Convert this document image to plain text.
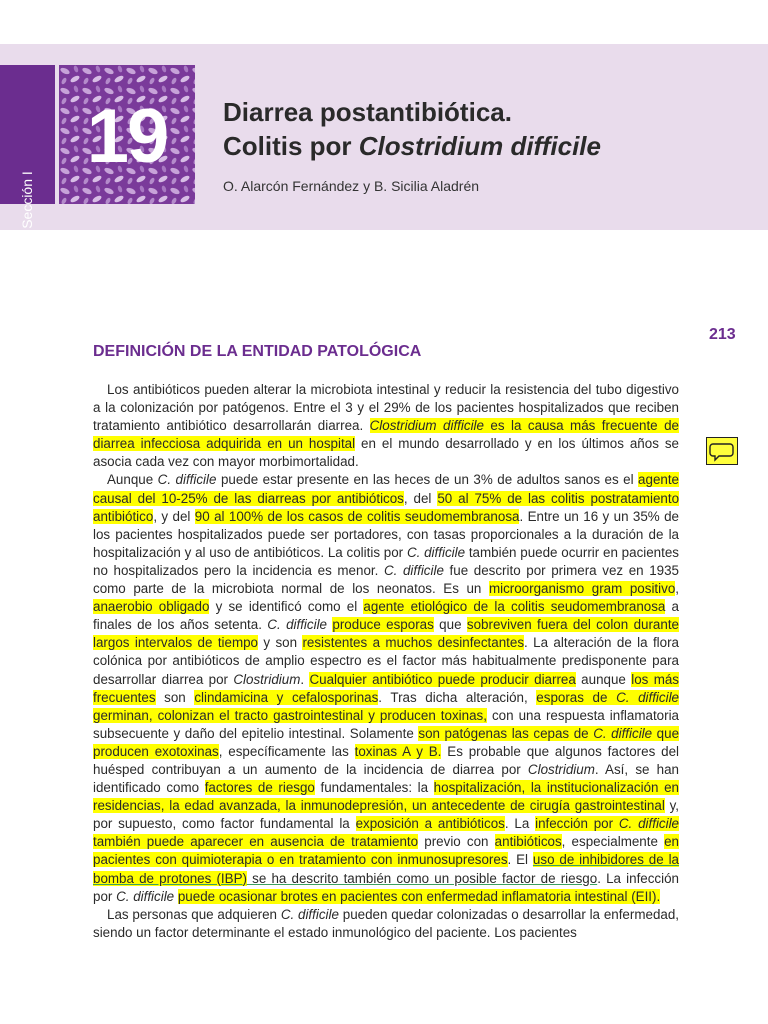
Sección I
19	Diarrea postantibiótica.
Colitis por Clostridium difficile
O. Alarcón Fernández y B. Sicilia Aladrén
213
DEFINICIÓN DE LA ENTIDAD PATOLÓGICA

Los antibióticos pueden alterar la microbiota intestinal y reducir la resistencia del tubo digestivo a la colonización por patógenos. Entre el 3 y el 29% de los pacientes hospitalizados que reciben tratamiento antibiótico desarrollarán diarrea. Clostridium difficile es la causa más frecuente de diarrea infecciosa adquirida en un hospital en el mundo desarrollado y en los últimos años se asocia cada vez con mayor morbimortalidad.

Aunque C. difficile puede estar presente en las heces de un 3% de adultos sanos es el agente causal del 10-25% de las diarreas por antibióticos, del 50 al 75% de las colitis postratamiento antibiótico, y del 90 al 100% de los casos de colitis seudomembranosa. Entre un 16 y un 35% de los pacientes hospitalizados puede ser portadores, con tasas proporcionales a la duración de la hospitalización y al uso de antibióticos. La colitis por C. difficile también puede ocurrir en pacientes no hospitalizados pero la incidencia es menor. C. difficile fue descrito por primera vez en 1935 como parte de la microbiota normal de los neonatos. Es un microorganismo gram positivo, anaerobio obligado y se identificó como el agente etiológico de la colitis seudomembranosa a finales de los años setenta. C. difficile produce esporas que sobreviven fuera del colon durante largos intervalos de tiempo y son resistentes a muchos desinfectantes. La alteración de la flora colónica por antibióticos de amplio espectro es el factor más habitualmente predisponente para desarrollar diarrea por Clostridium. Cualquier antibiótico puede producir diarrea aunque los más frecuentes son clindamicina y cefalosporinas. Tras dicha alteración, esporas de C. difficile germinan, colonizan el tracto gastrointestinal y producen toxinas, con una respuesta inflamatoria subsecuente y daño del epitelio intestinal. Solamente son patógenas las cepas de C. difficile que producen exotoxinas, específicamente las toxinas A y B. Es probable que algunos factores del huésped contribuyan a un aumento de la incidencia de diarrea por Clostridium. Así, se han identificado como factores de riesgo fundamentales: la hospitalización, la institucionalización en residencias, la edad avanzada, la inmunodepresión, un antecedente de cirugía gastrointestinal y, por supuesto, como factor fundamental la exposición a antibióticos. La infección por C. difficile también puede aparecer en ausencia de tratamiento previo con antibióticos, especialmente en pacientes con quimioterapia o en tratamiento con inmunosupresores. El uso de inhibidores de la bomba de protones (IBP) se ha descrito también como un posible factor de riesgo. La infección por C. difficile puede ocasionar brotes en pacientes con enfermedad inflamatoria intestinal (EII).

Las personas que adquieren C. difficile pueden quedar colonizadas o desarrollar la enfermedad, siendo un factor determinante el estado inmunológico del paciente. Los pacientes
